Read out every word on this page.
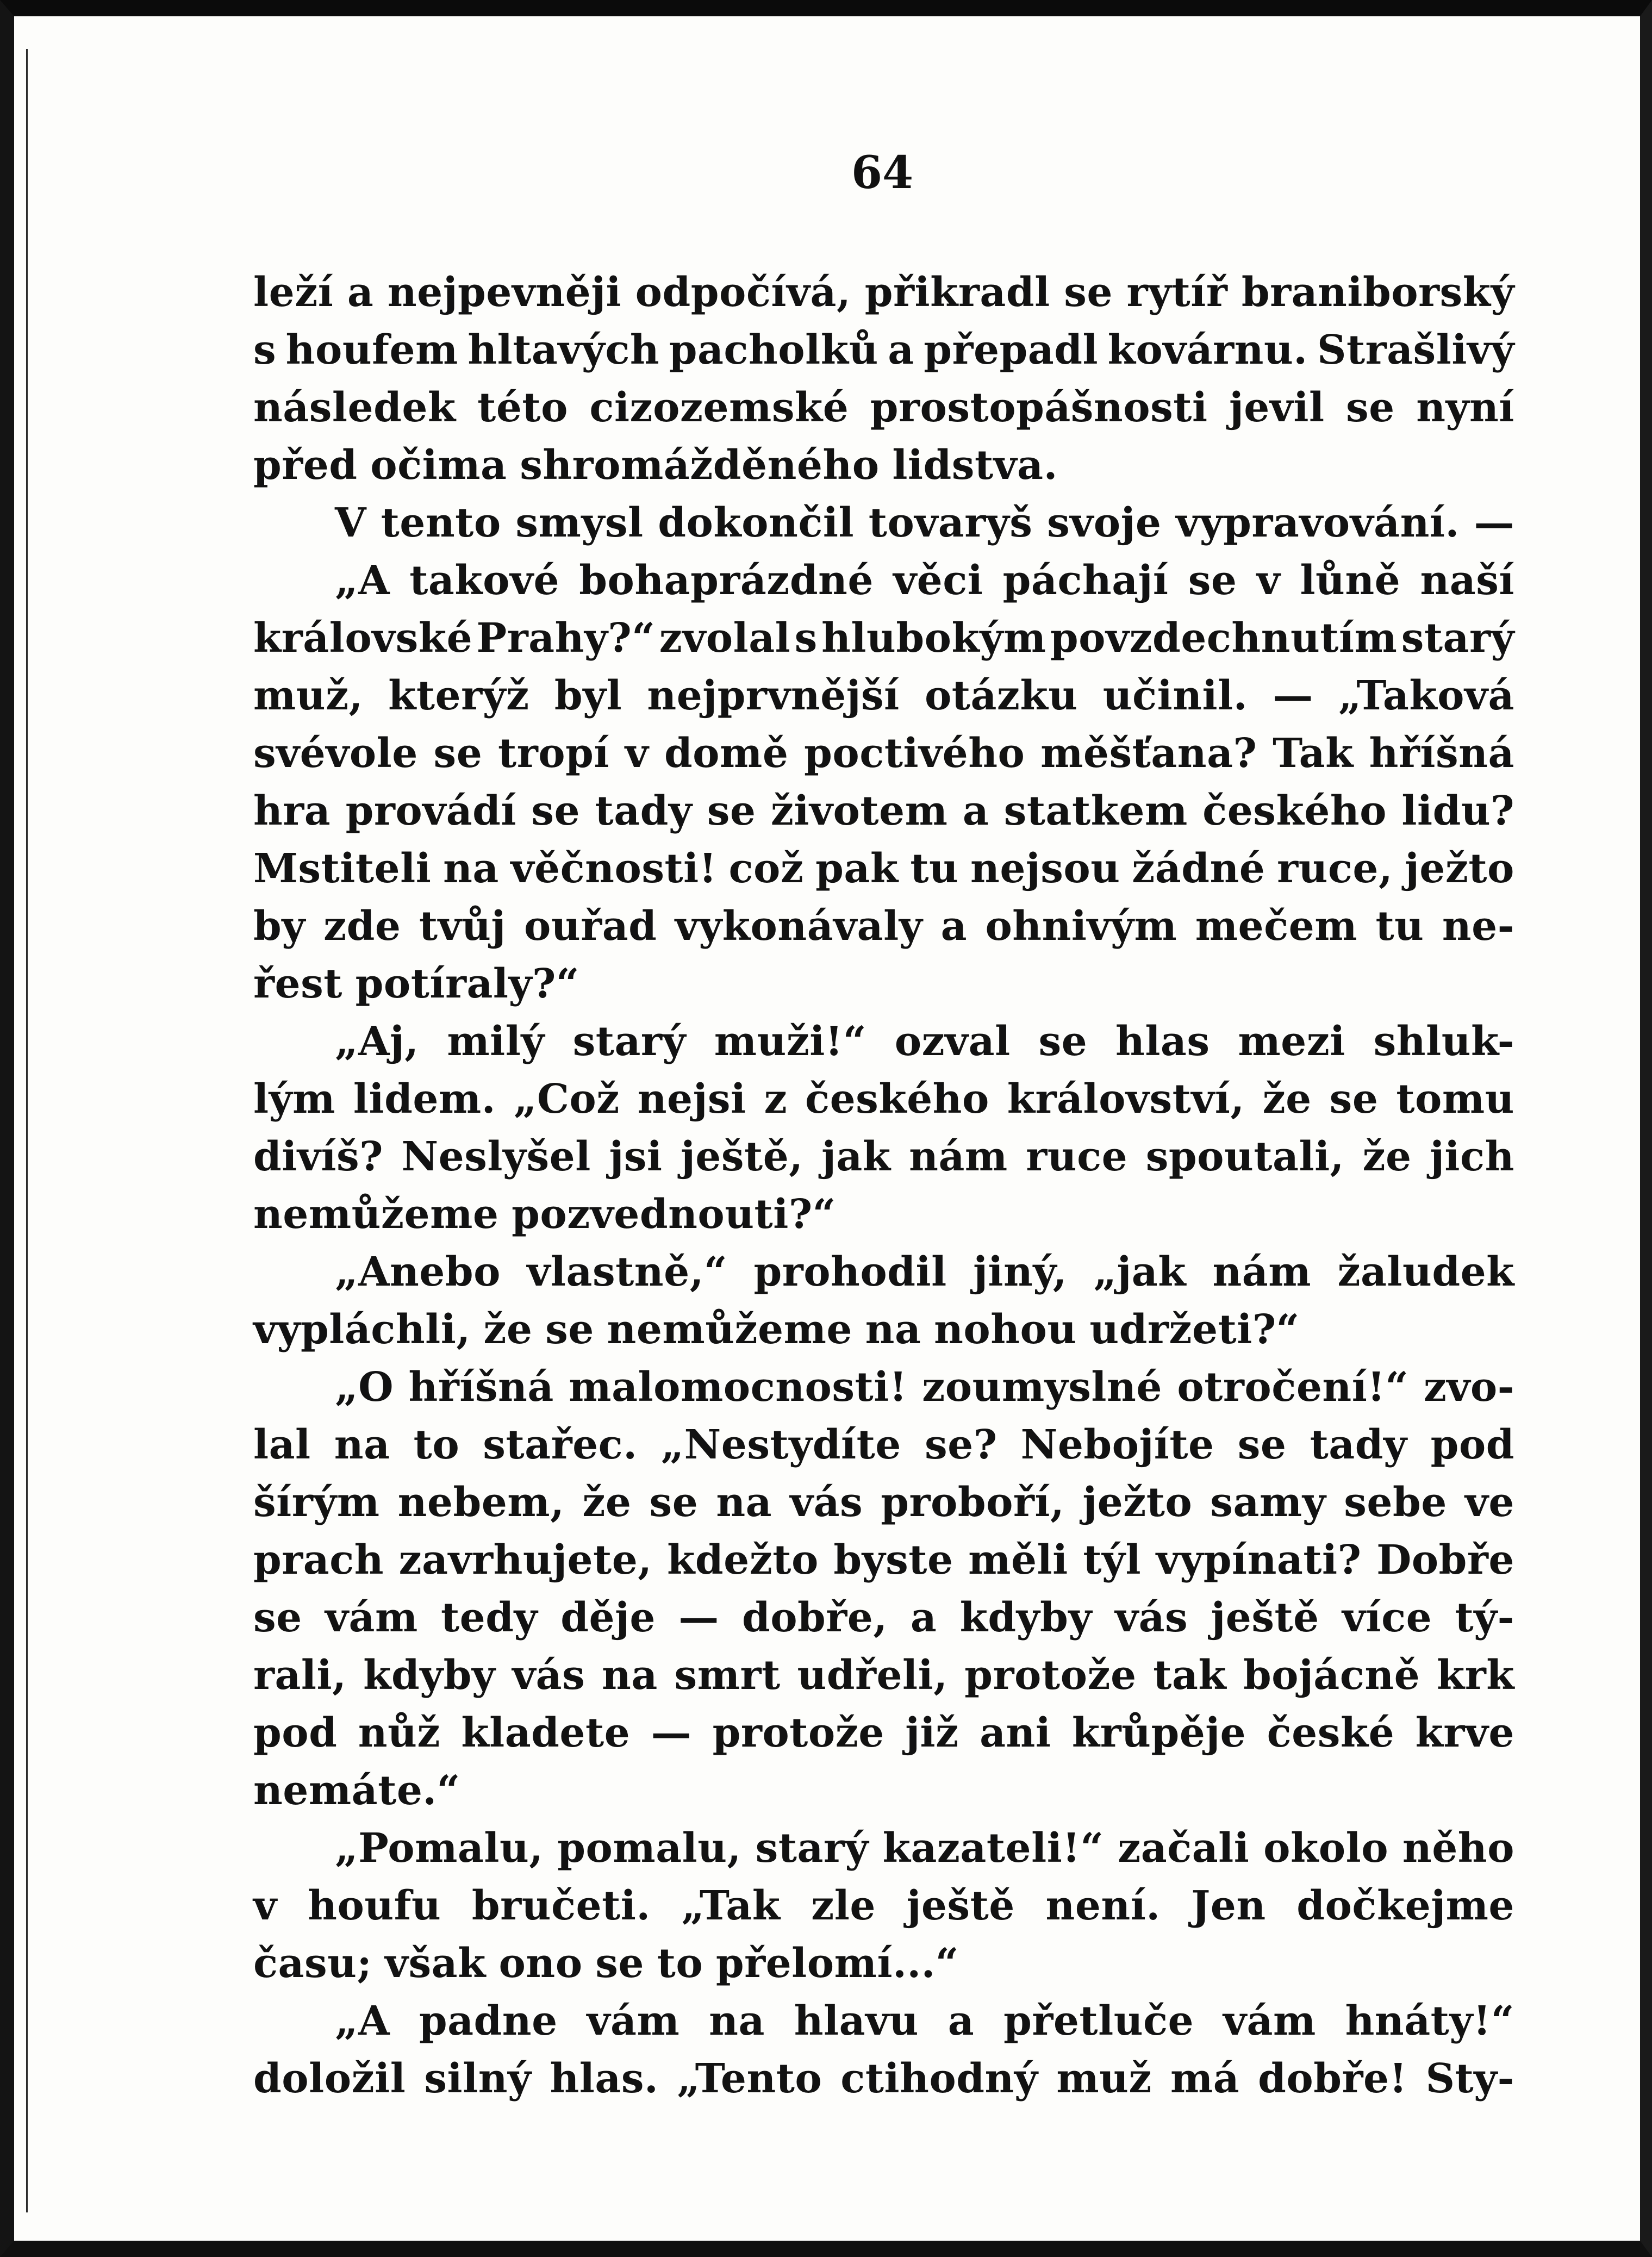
64
leží a nejpevněji odpočívá, přikradl se rytíř braniborský
s houfem hltavých pacholků a přepadl kovárnu. Strašlivý
následek této cizozemské prostopášnosti jevil se nyní
před očima shromážděného lidstva.
V tento smysl dokončil tovaryš svoje vypravování. —
„A takové bohaprázdné věci páchají se v lůně naší
královské Prahy?“ zvolal s hlubokým povzdechnutím starý
muž, kterýž byl nejprvnější otázku učinil. — „Taková
svévole se tropí v domě poctivého měšťana? Tak hříšná
hra provádí se tady se životem a statkem českého lidu?
Mstiteli na věčnosti! což pak tu nejsou žádné ruce, ježto
by zde tvůj ouřad vykonávaly a ohnivým mečem tu ne-
řest potíraly?“
„Aj, milý starý muži!“ ozval se hlas mezi shluk-
lým lidem. „Což nejsi z českého království, že se tomu
divíš? Neslyšel jsi ještě, jak nám ruce spoutali, že jich
nemůžeme pozvednouti?“
„Anebo vlastně,“ prohodil jiný, „jak nám žaludek
vypláchli, že se nemůžeme na nohou udržeti?“
„O hříšná malomocnosti! zoumyslné otročení!“ zvo-
lal na to stařec. „Nestydíte se? Nebojíte se tady pod
šírým nebem, že se na vás proboří, ježto samy sebe ve
prach zavrhujete, kdežto byste měli týl vypínati? Dobře
se vám tedy děje — dobře, a kdyby vás ještě více tý-
rali, kdyby vás na smrt udřeli, protože tak bojácně krk
pod nůž kladete — protože již ani krůpěje české krve
nemáte.“
„Pomalu, pomalu, starý kazateli!“ začali okolo něho
v houfu bručeti. „Tak zle ještě není. Jen dočkejme
času; však ono se to přelomí...“
„A padne vám na hlavu a přetluče vám hnáty!“
doložil silný hlas. „Tento ctihodný muž má dobře! Sty-
